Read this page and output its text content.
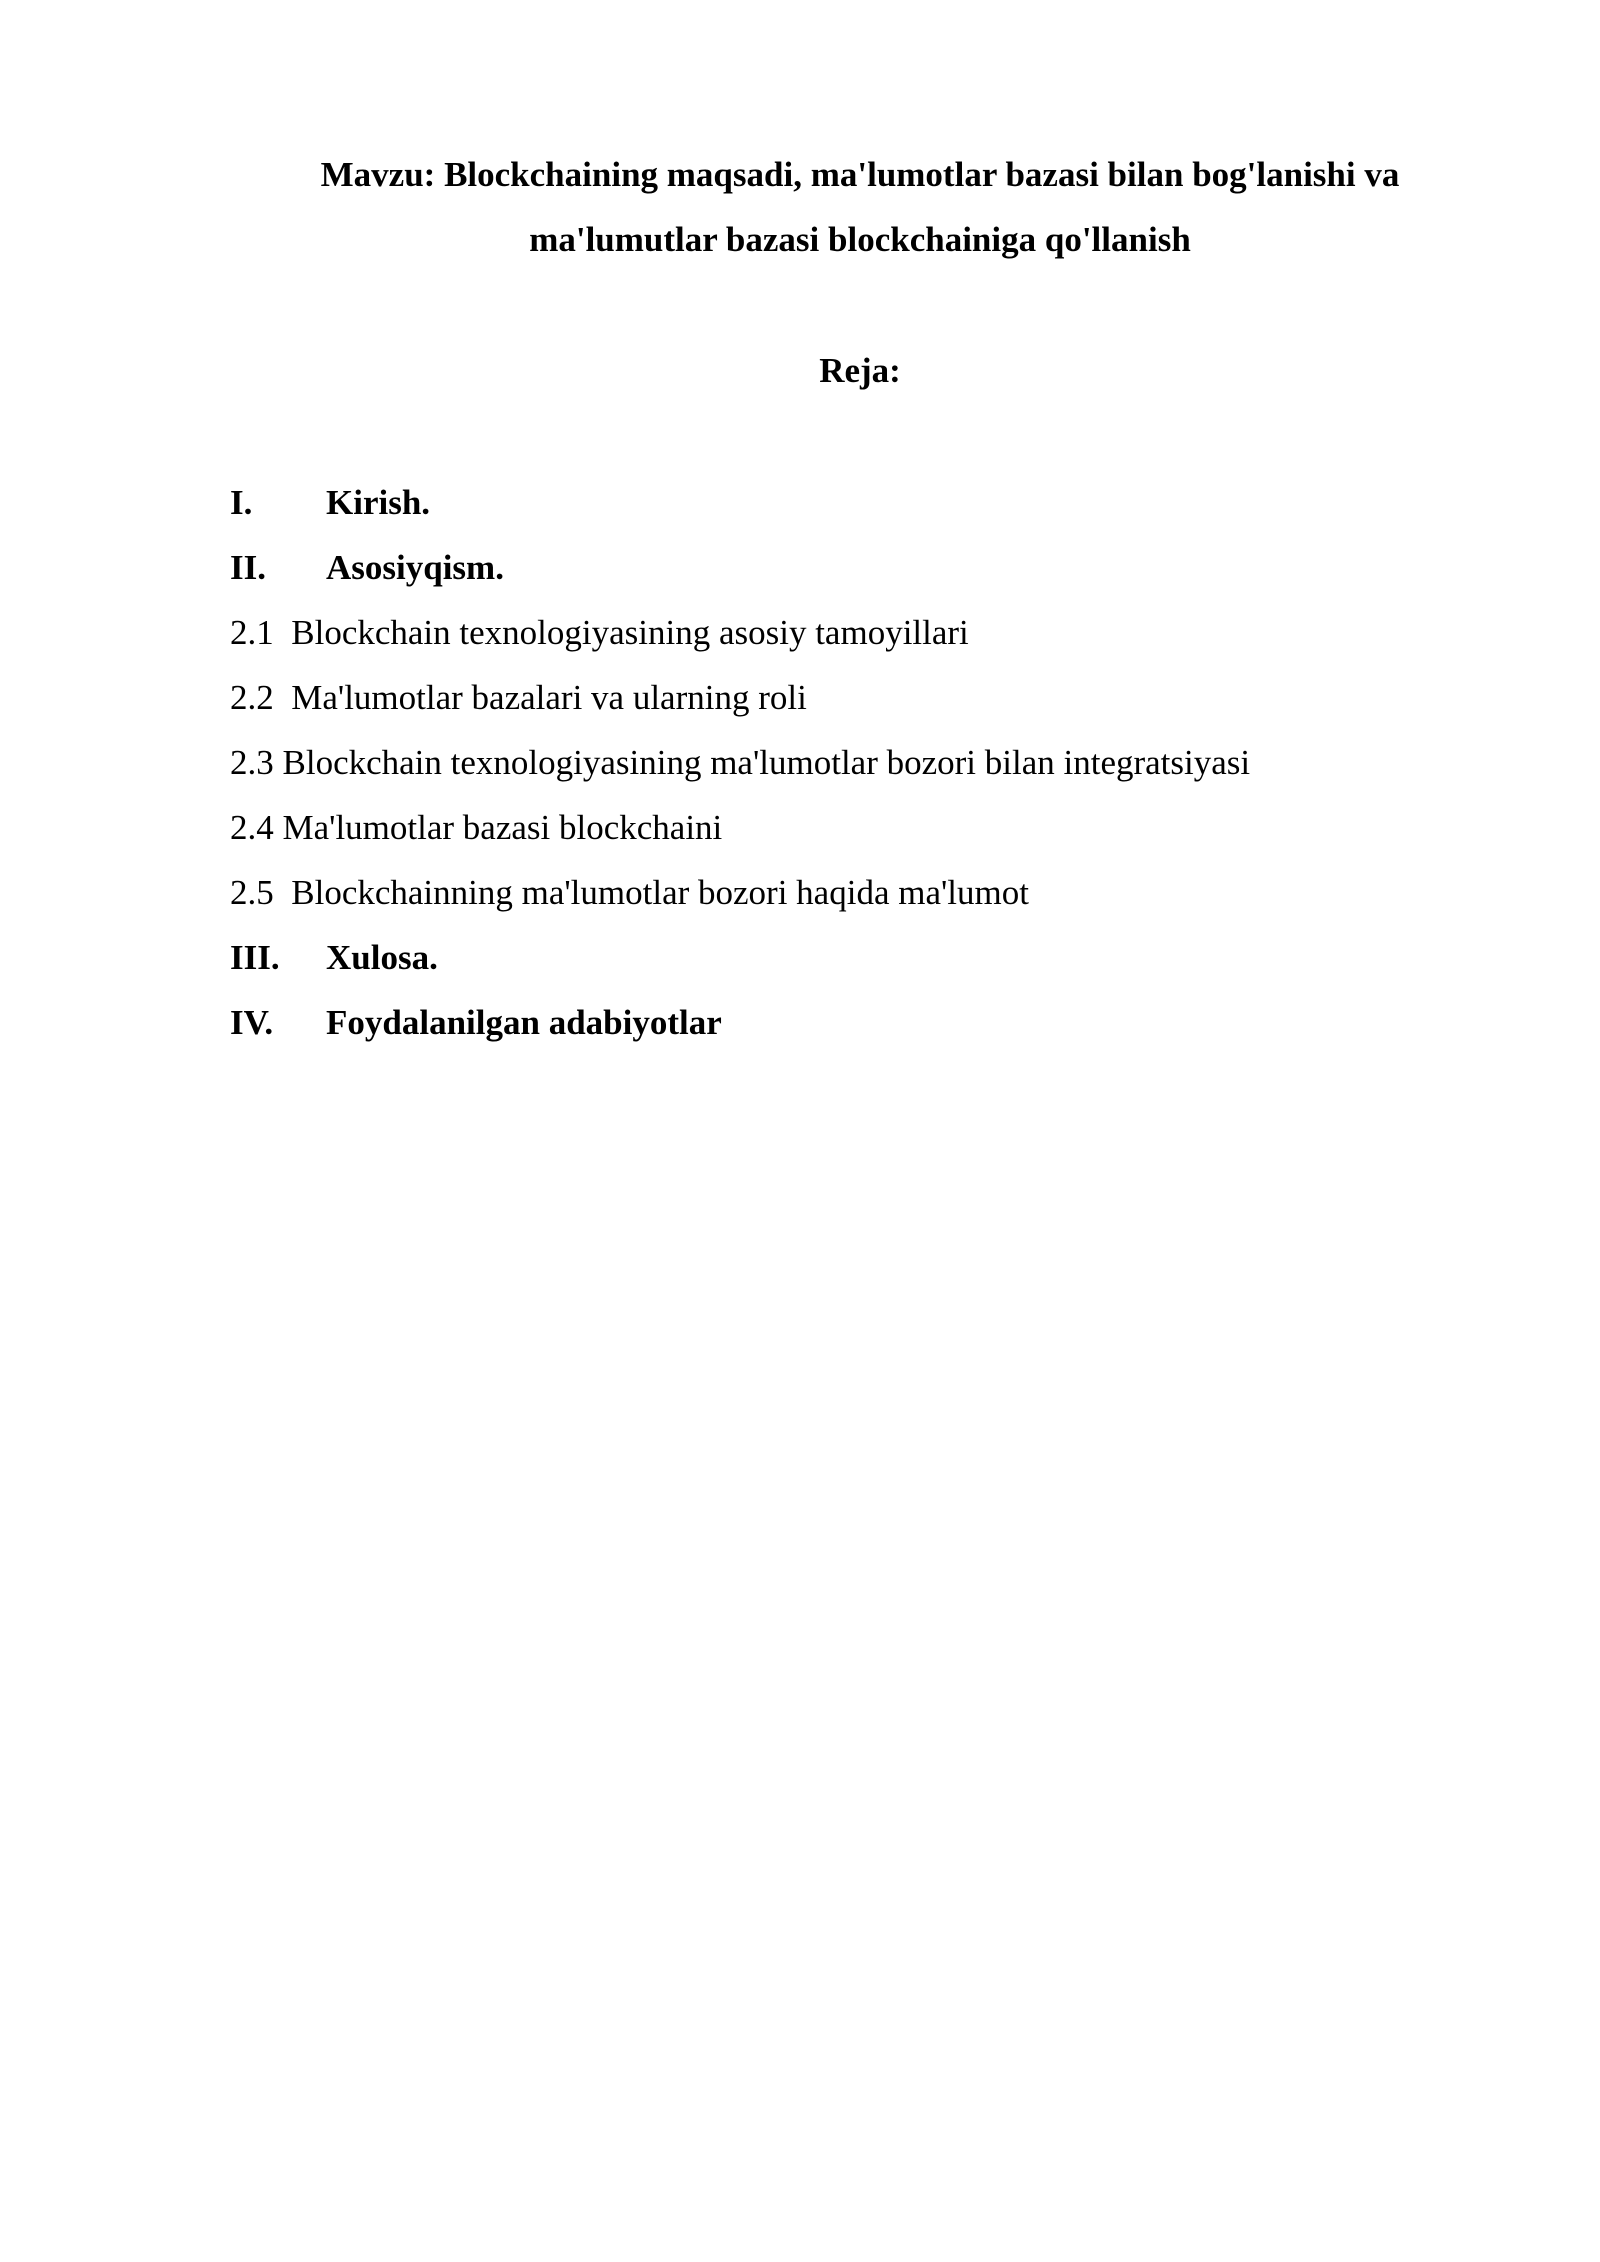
Mavzu: Blockchaining maqsadi, ma'lumotlar bazasi bilan bog'lanishi va

ma'lumutlar bazasi blockchainiga qo'llanish

Reja:

I. Kirish.

II. Asosiyqism.

2.1  Blockchain texnologiyasining asosiy tamoyillari

2.2  Ma'lumotlar bazalari va ularning roli

2.3 Blockchain texnologiyasining ma'lumotlar bozori bilan integratsiyasi

2.4 Ma'lumotlar bazasi blockchaini

2.5  Blockchainning ma'lumotlar bozori haqida ma'lumot

III. Xulosa.

IV. Foydalanilgan adabiyotlar
